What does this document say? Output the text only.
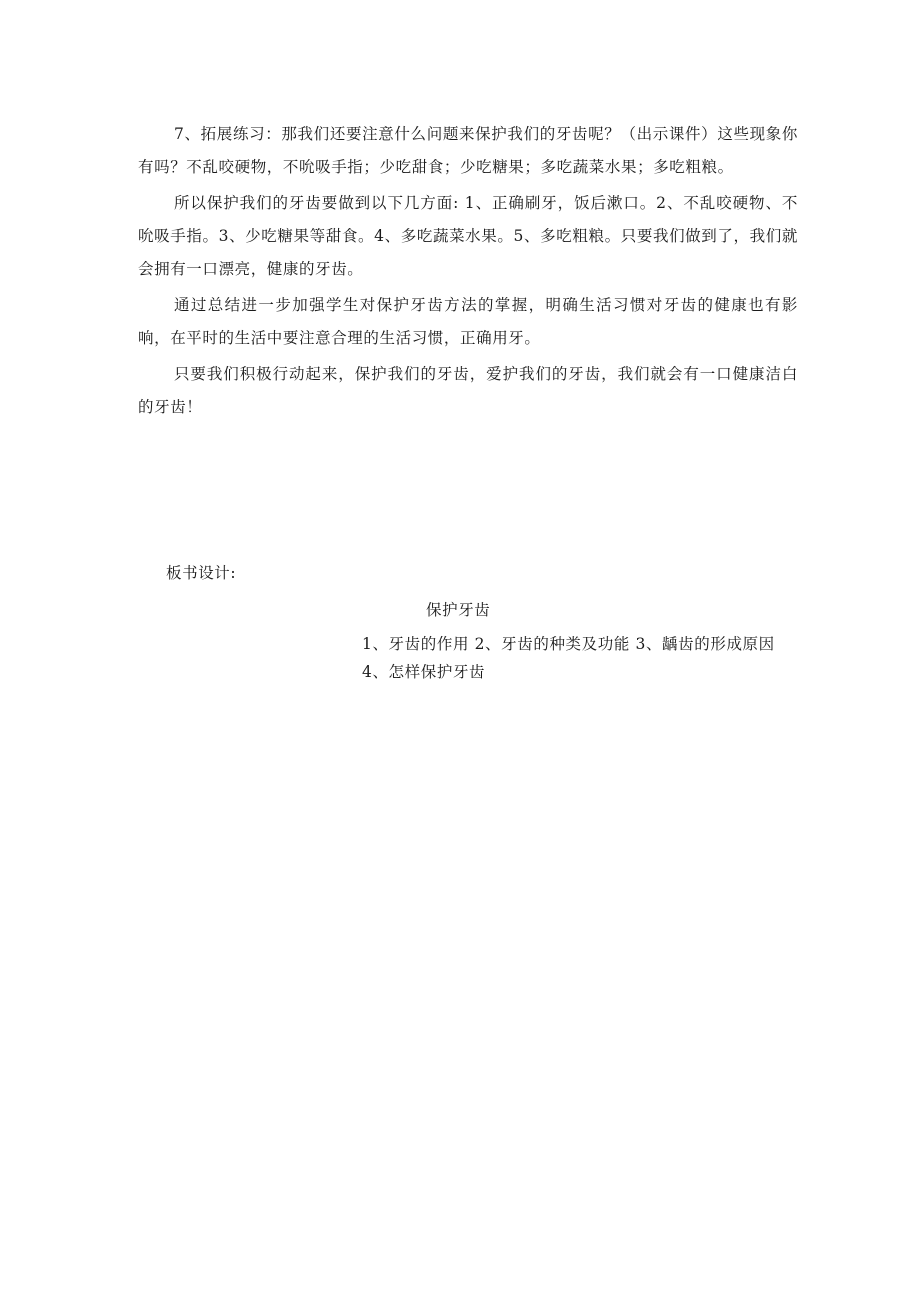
7、拓展练习：那我们还要注意什么问题来保护我们的牙齿呢？（出示课件）这些现象你有吗？不乱咬硬物，不吮吸手指；少吃甜食；少吃糖果；多吃蔬菜水果；多吃粗粮。

所以保护我们的牙齿要做到以下几方面: 1、正确刷牙，饭后漱口。2、不乱咬硬物、不吮吸手指。3、少吃糖果等甜食。4、多吃蔬菜水果。5、多吃粗粮。只要我们做到了，我们就会拥有一口漂亮，健康的牙齿。

通过总结进一步加强学生对保护牙齿方法的掌握，明确生活习惯对牙齿的健康也有影响，在平时的生活中要注意合理的生活习惯，正确用牙。

只要我们积极行动起来，保护我们的牙齿，爱护我们的牙齿，我们就会有一口健康洁白的牙齿！

板书设计:
保护牙齿
1、牙齿的作用 2、牙齿的种类及功能 3、龋齿的形成原因 4、怎样保护牙齿
